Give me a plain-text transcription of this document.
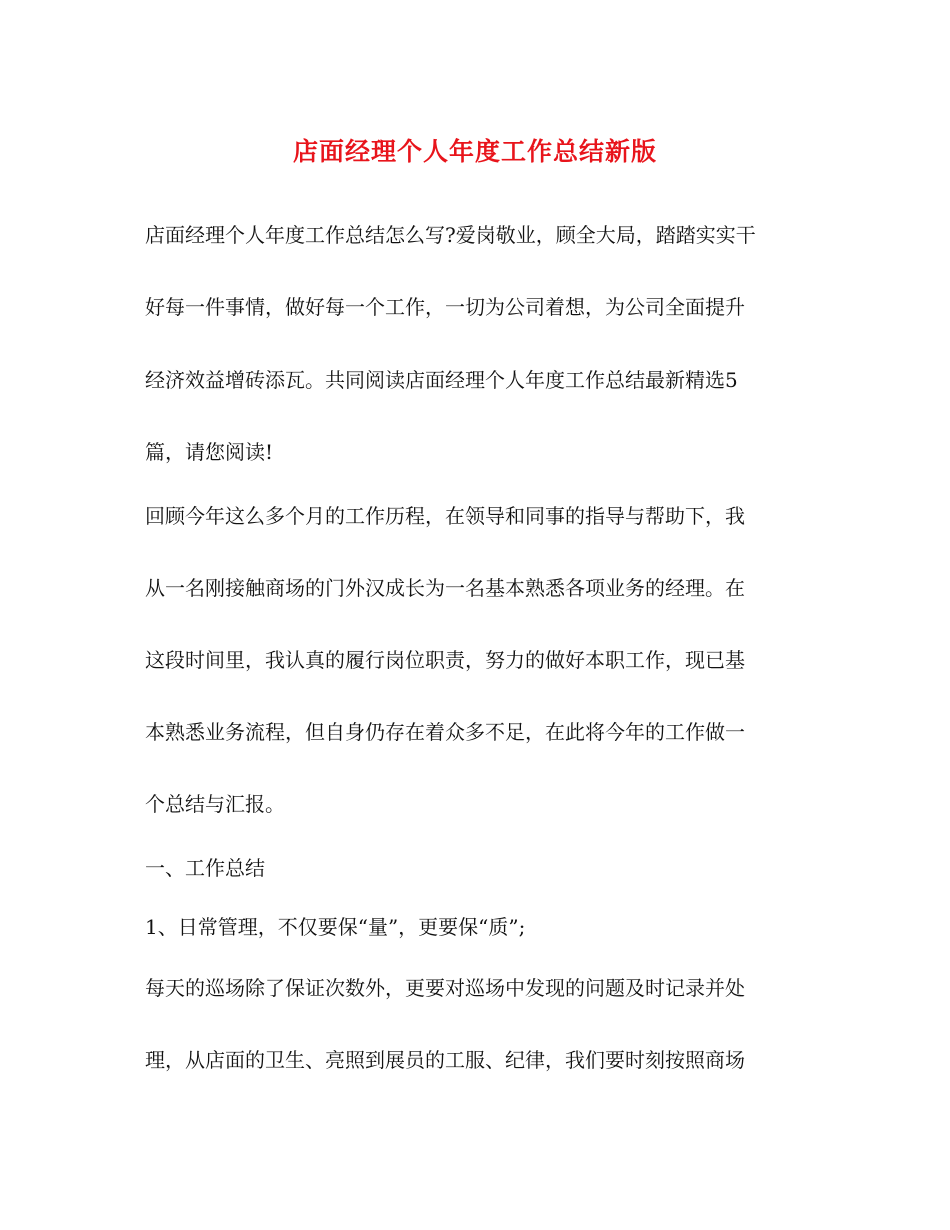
店面经理个人年度工作总结新版
店面经理个人年度工作总结怎么写?爱岗敬业，顾全大局，踏踏实实干
好每一件事情，做好每一个工作，一切为公司着想，为公司全面提升
经济效益增砖添瓦。共同阅读店面经理个人年度工作总结最新精选5
篇，请您阅读!
回顾今年这么多个月的工作历程，在领导和同事的指导与帮助下，我
从一名刚接触商场的门外汉成长为一名基本熟悉各项业务的经理。在
这段时间里，我认真的履行岗位职责，努力的做好本职工作，现已基
本熟悉业务流程，但自身仍存在着众多不足，在此将今年的工作做一
个总结与汇报。
一、工作总结
1、日常管理，不仅要保“量”，更要保“质”;
每天的巡场除了保证次数外，更要对巡场中发现的问题及时记录并处
理，从店面的卫生、亮照到展员的工服、纪律，我们要时刻按照商场
